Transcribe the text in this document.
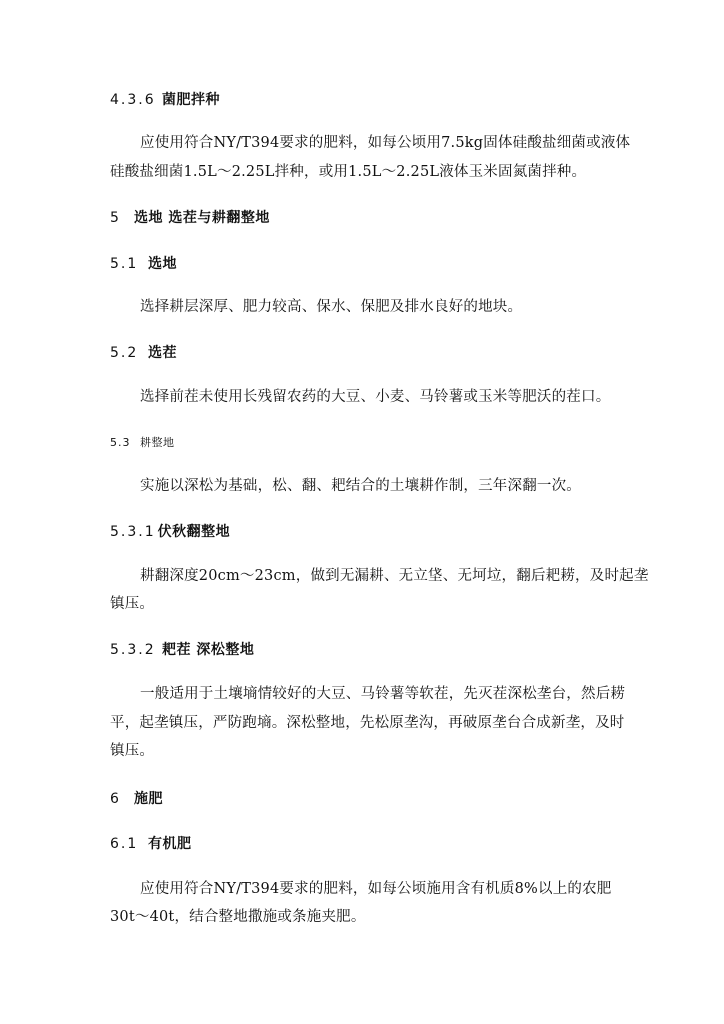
4.3.6 菌肥拌种
应使用符合NY/T394要求的肥料，如每公顷用7.5kg固体硅酸盐细菌或液体
硅酸盐细菌1.5L～2.25L拌种，或用1.5L～2.25L液体玉米固氮菌拌种。
5 选地 选茬与耕翻整地
5.1 选地
选择耕层深厚、肥力较高、保水、保肥及排水良好的地块。
5.2 选茬
选择前茬未使用长残留农药的大豆、小麦、马铃薯或玉米等肥沃的茬口。
5.3 耕整地
实施以深松为基础，松、翻、耙结合的土壤耕作制，三年深翻一次。
5.3.1 伏秋翻整地
耕翻深度20cm～23cm，做到无漏耕、无立垡、无坷垃，翻后耙耢，及时起垄
镇压。
5.3.2 耙茬 深松整地
一般适用于土壤墒情较好的大豆、马铃薯等软茬，先灭茬深松垄台，然后耢
平，起垄镇压，严防跑墒。深松整地，先松原垄沟，再破原垄台合成新垄，及时
镇压。
6 施肥
6.1 有机肥
应使用符合NY/T394要求的肥料，如每公顷施用含有机质8%以上的农肥
30t～40t，结合整地撒施或条施夹肥。
